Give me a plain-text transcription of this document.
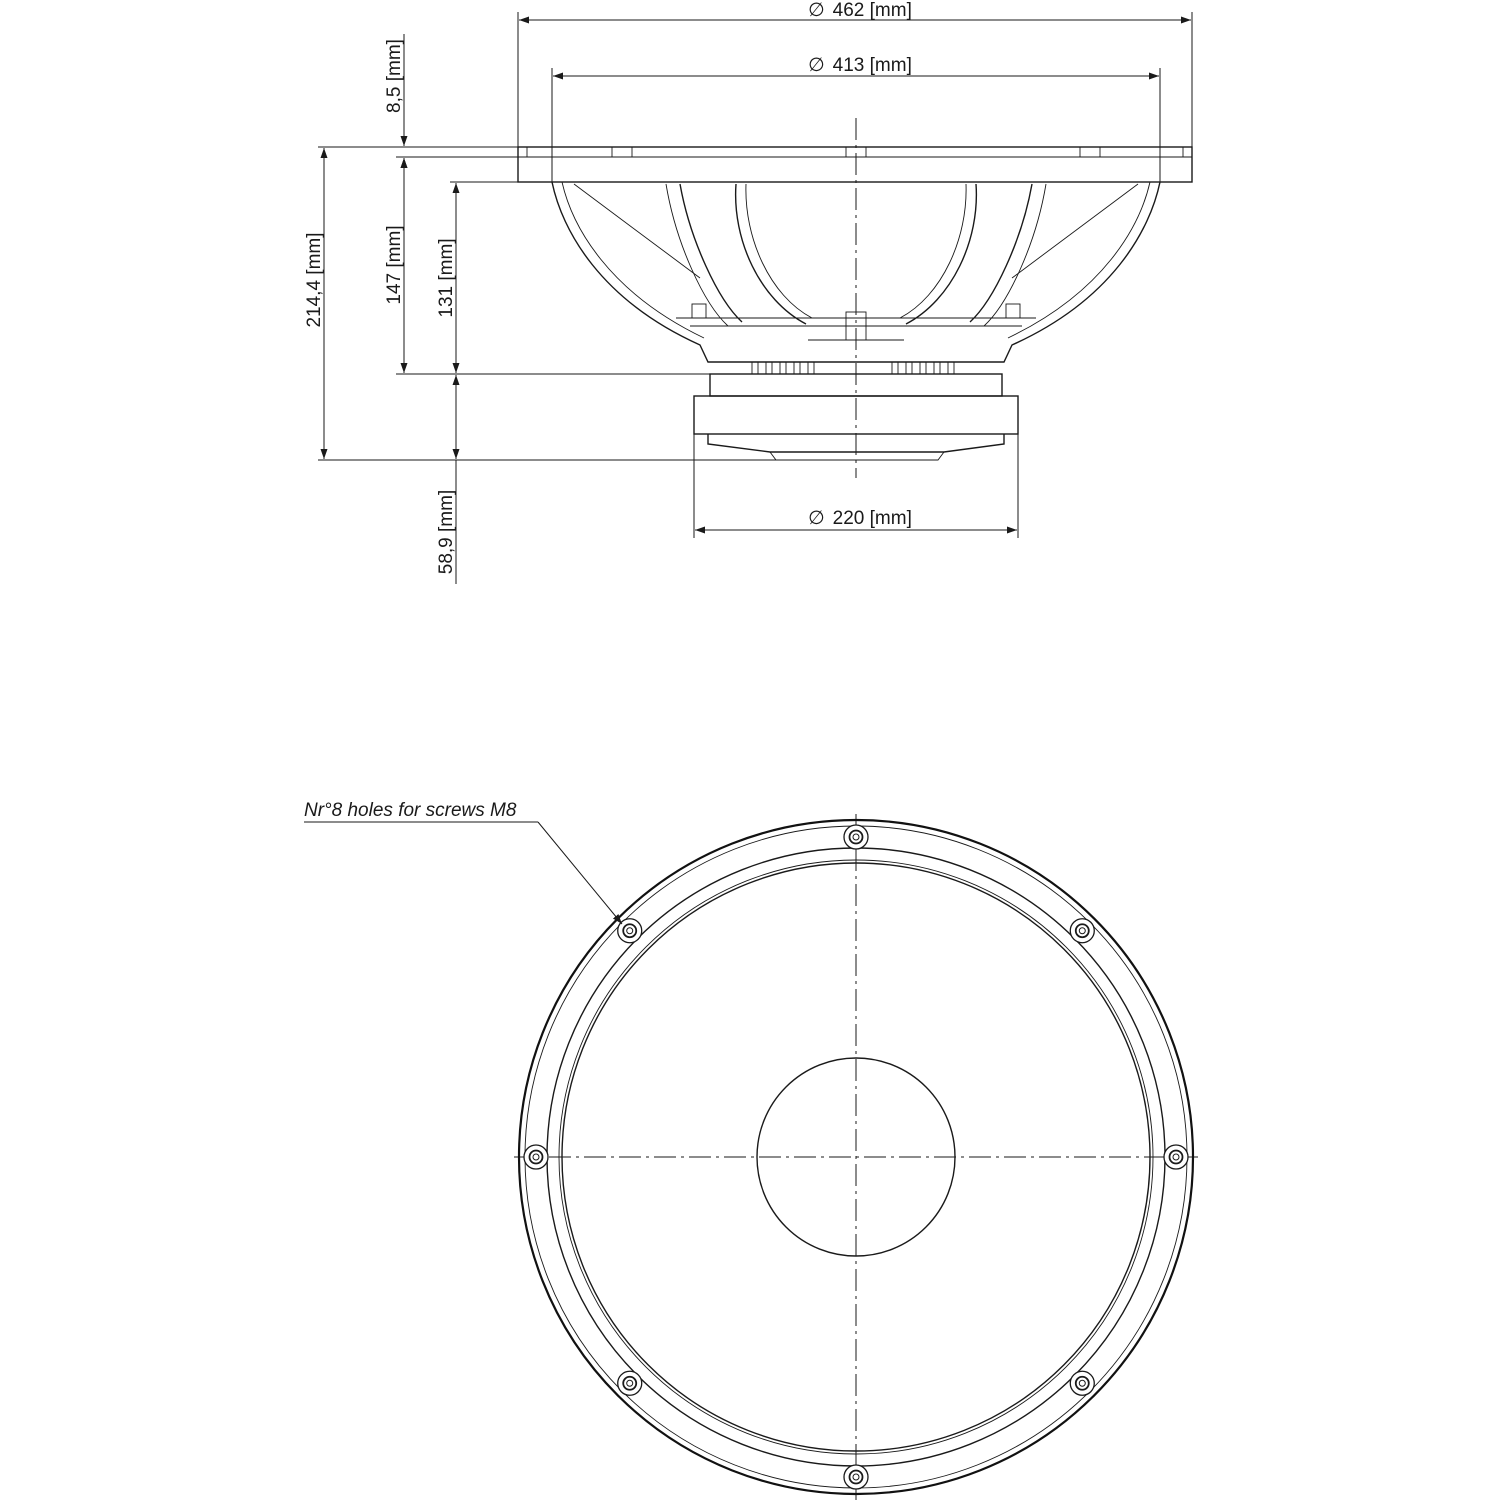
∅ 462 [mm]
∅ 413 [mm]
∅ 220 [mm]
214,4 [mm]
8,5 [mm]
147 [mm] 131 [mm]
58,9 [mm]
Nr°8 holes for screws M8
